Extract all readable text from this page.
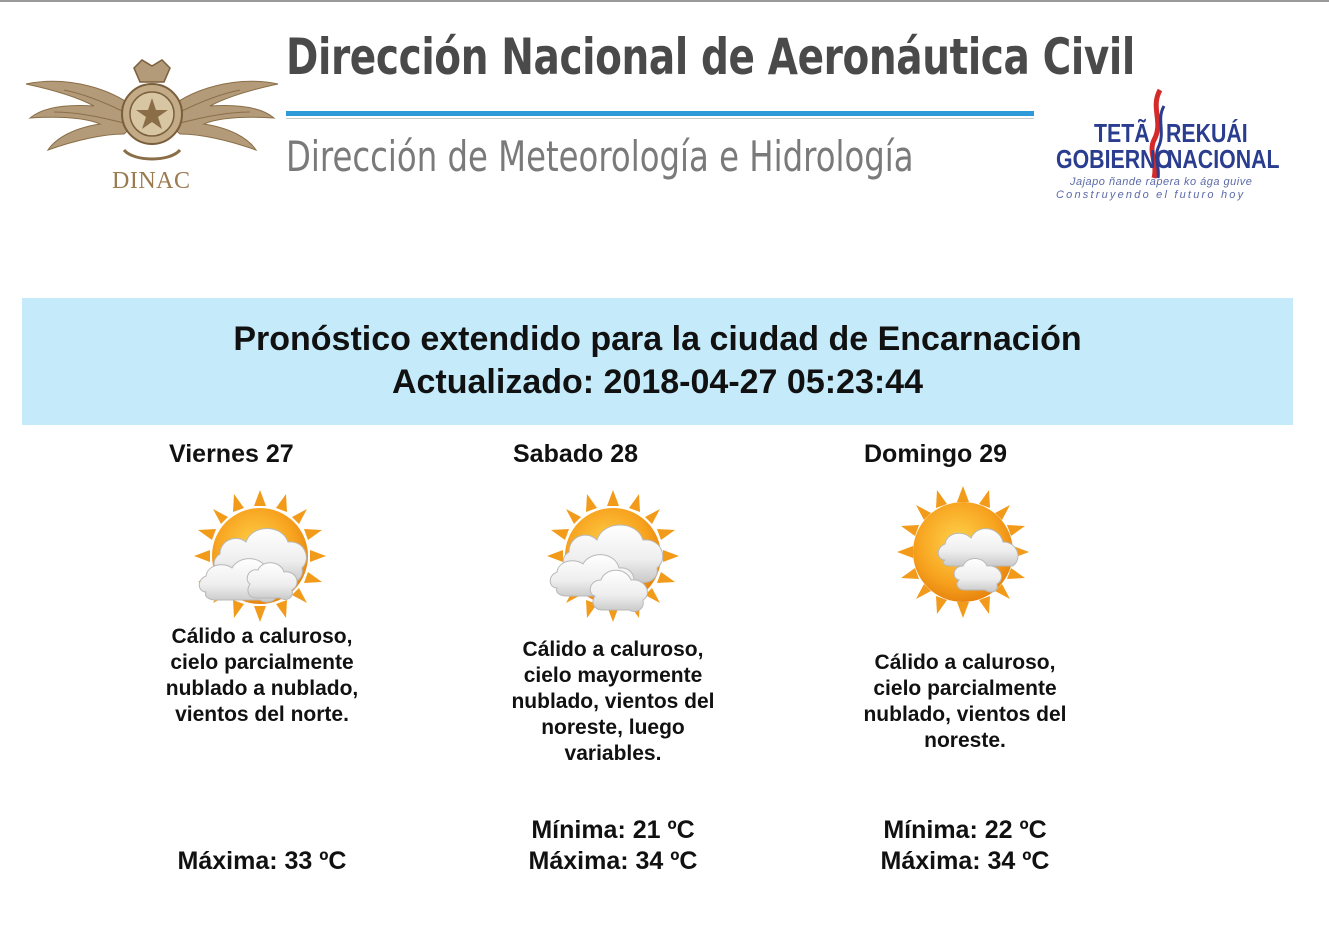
DINAC
Dirección Nacional de Aeronáutica Civil
Dirección de Meteorología e Hidrología	TETÃ REKUÁI
GOBIERNO
NACIONAL
Jajapo ñande rapera ko ága guive
Construyendo el futuro hoy
Pronóstico extendido para la ciudad de Encarnación
Actualizado: 2018-04-27 05:23:44
Viernes 27
Cálido a caluroso, cielo parcialmente nublado a nublado, vientos del norte.
Máxima: 33 ºC
Sabado 28
Cálido a caluroso, cielo mayormente nublado, vientos del noreste, luego variables.
Mínima: 21 ºC
Máxima: 34 ºC
Domingo 29
Cálido a caluroso, cielo parcialmente nublado, vientos del noreste.
Mínima: 22 ºC
Máxima: 34 ºC
